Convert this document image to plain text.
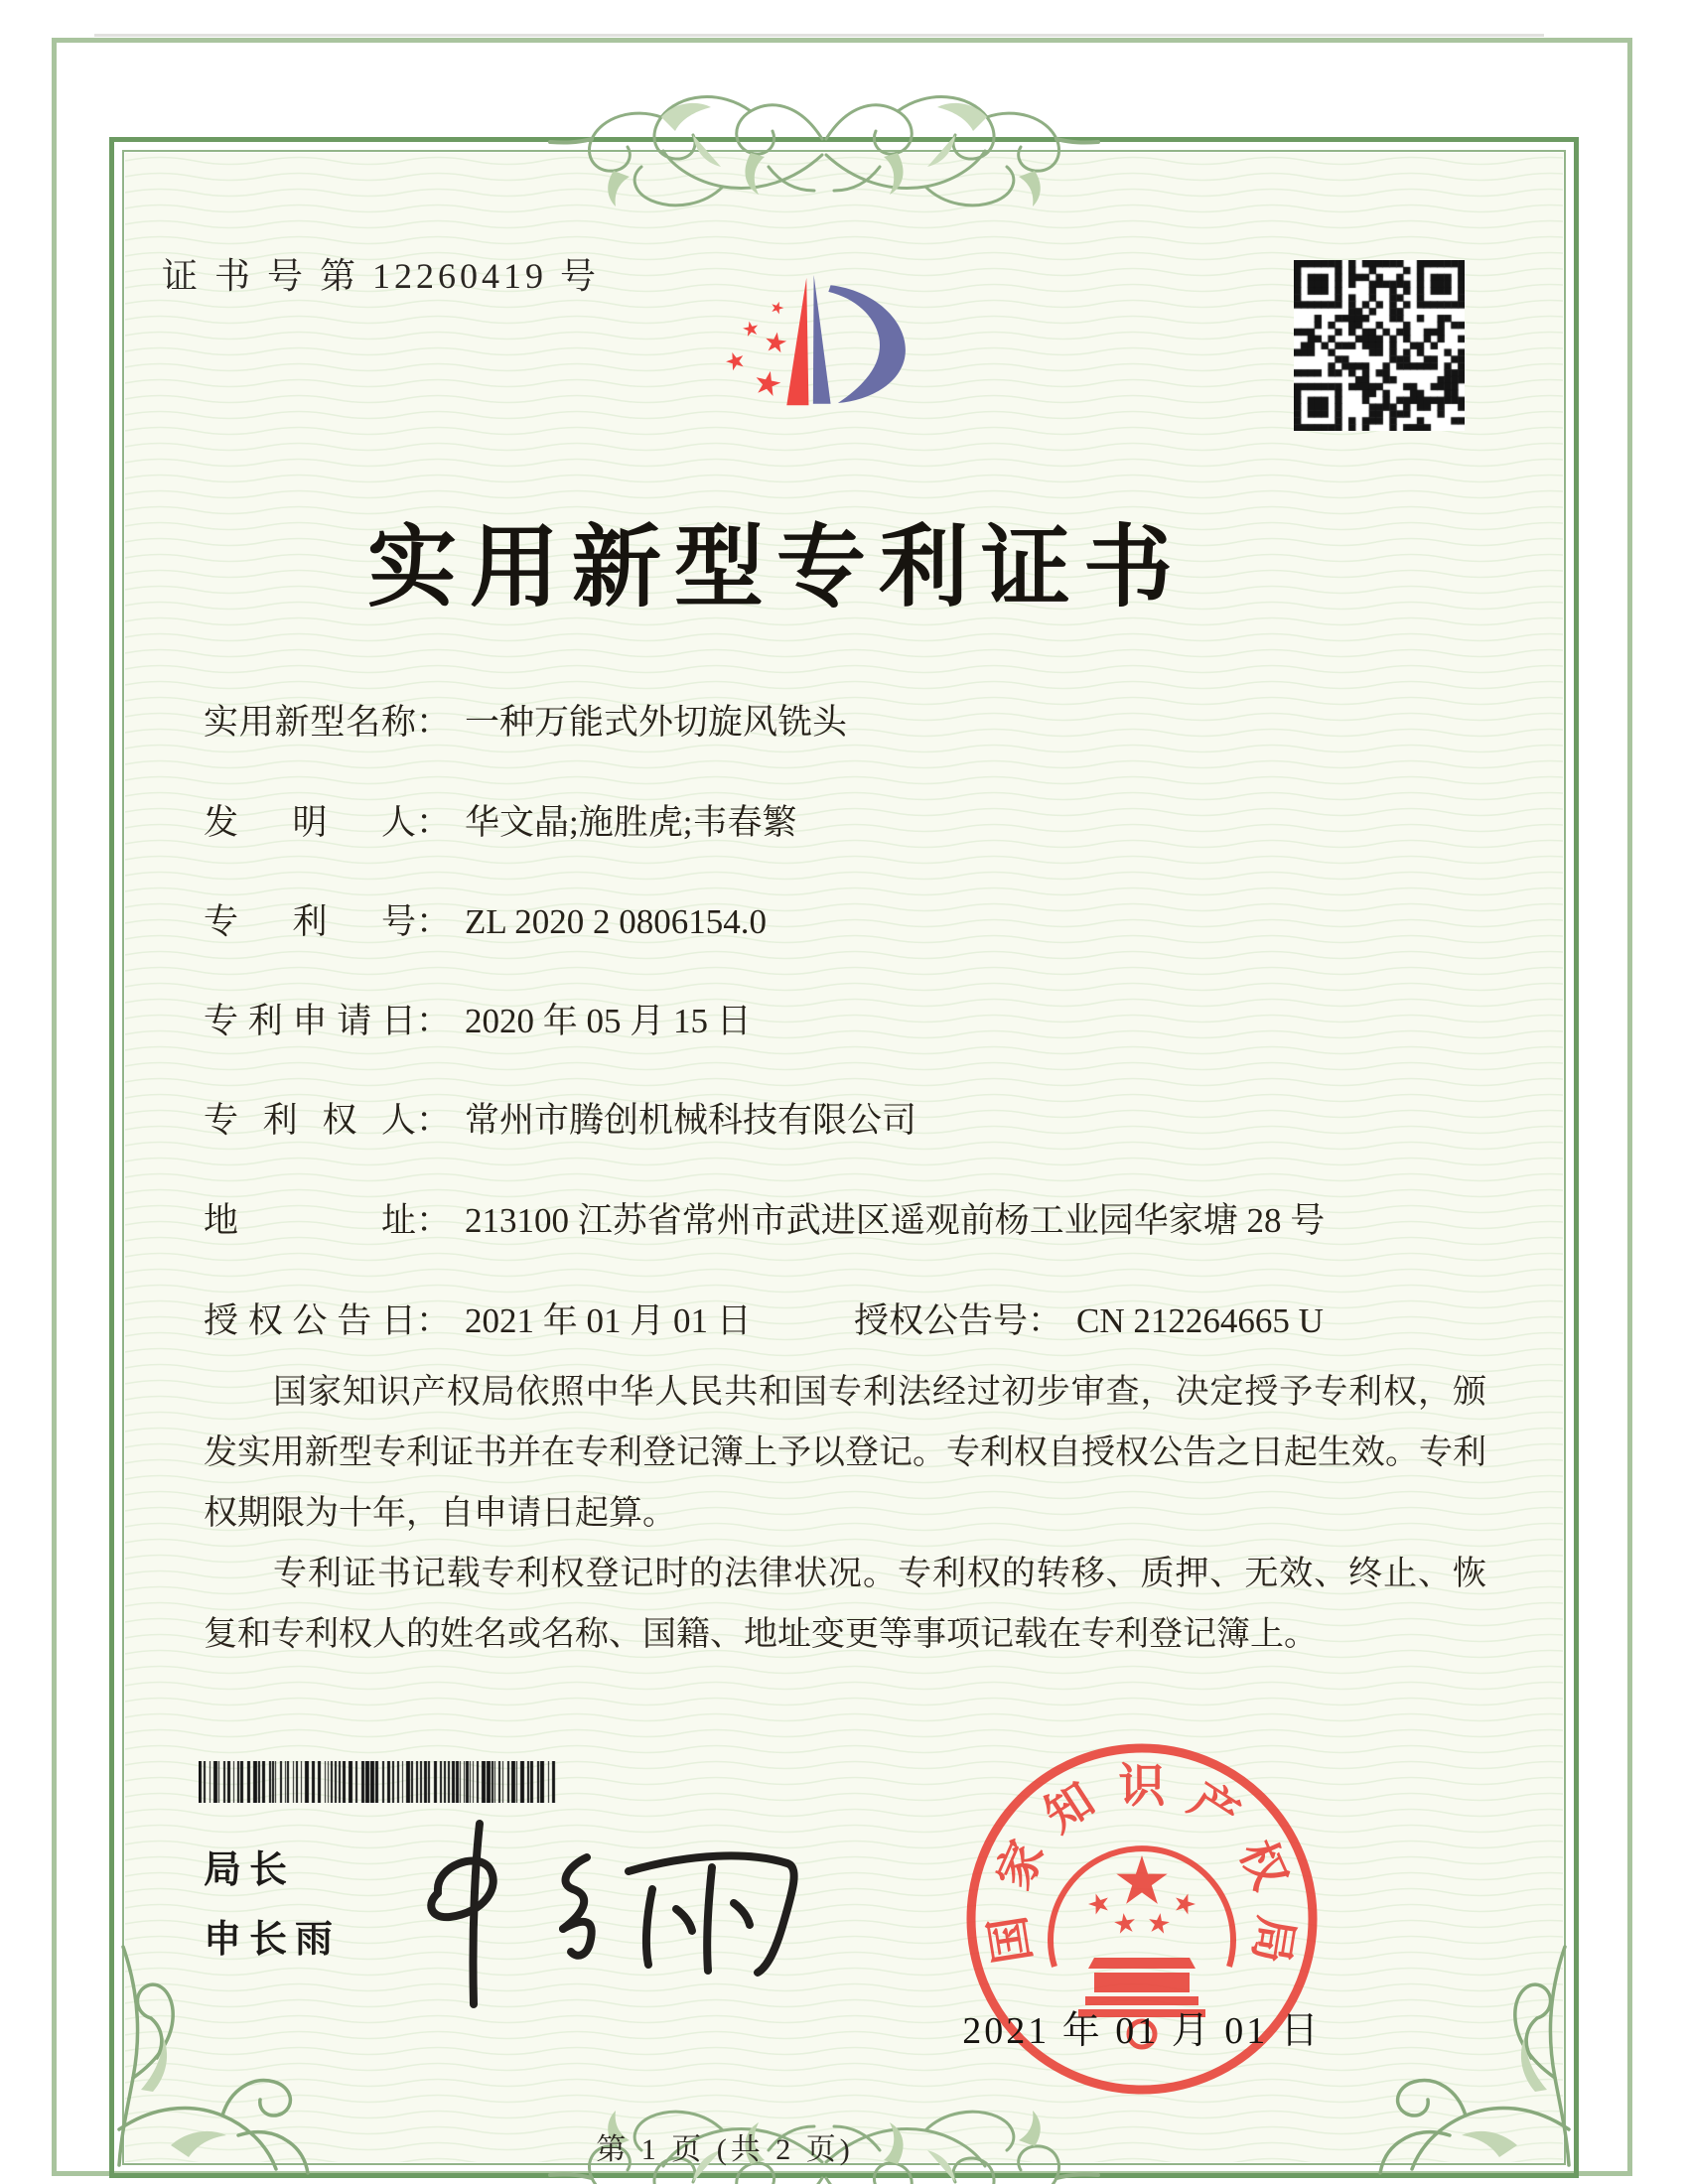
证 书 号 第 12260419 号
实用新型专利证书
实用新型名称： 一种万能式外切旋风铣头
发明人： 华文晶;施胜虎;韦春繁
专利号： ZL 2020 2 0806154.0
专利申请日： 2020 年 05 月 15 日
专利权人： 常州市腾创机械科技有限公司
地址： 213100 江苏省常州市武进区遥观前杨工业园华家塘 28 号
授权公告日： 2021 年 01 月 01 日	授权公告号： CN 212264665 U

国家知识产权局依照中华人民共和国专利法经过初步审查，决定授予专利权，颁发实用新型专利证书并在专利登记簿上予以登记。专利权自授权公告之日起生效。专利权期限为十年，自申请日起算。

专利证书记载专利权登记时的法律状况。专利权的转移、质押、无效、终止、恢复和专利权人的姓名或名称、国籍、地址变更等事项记载在专利登记簿上。

局长
申长雨	国
家
知 识 产
权
局
2021 年 01 月 01 日
第 1 页 (共 2 页)
